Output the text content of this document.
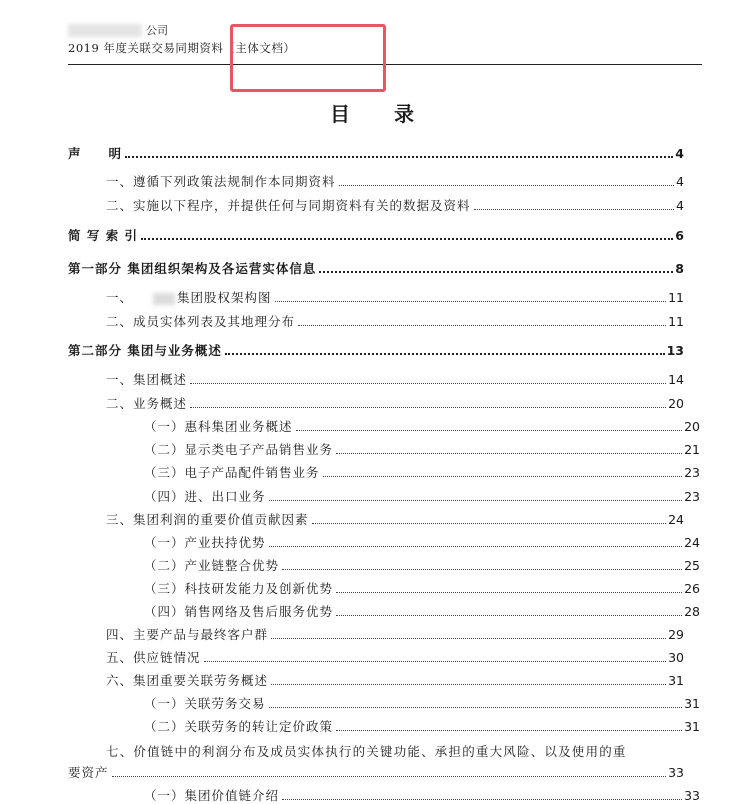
公司
2019 年度关联交易同期资料（主体文档）
目录
声　　明	4
一、遵循下列政策法规制作本同期资料	4
二、实施以下程序，并提供任何与同期资料有关的数据及资料	4
简 写 索 引	6
第一部分 集团组织架构及各运营实体信息	8
一、	集团股权架构图	11
二、成员实体列表及其地理分布	11
第二部分 集团与业务概述	13
一、集团概述	14
二、业务概述	20
（一）惠科集团业务概述	20
（二）显示类电子产品销售业务	21
（三）电子产品配件销售业务	23
（四）进、出口业务	23
三、集团利润的重要价值贡献因素	24
（一）产业扶持优势	24
（二）产业链整合优势	25
（三）科技研发能力及创新优势	26
（四）销售网络及售后服务优势	28
四、主要产品与最终客户群	29
五、供应链情况	30
六、集团重要关联劳务概述	31
（一）关联劳务交易	31
（二）关联劳务的转让定价政策	31
七、价值链中的利润分布及成员实体执行的关键功能、承担的重大风险、以及使用的重
要资产	33
（一）集团价值链介绍	33
